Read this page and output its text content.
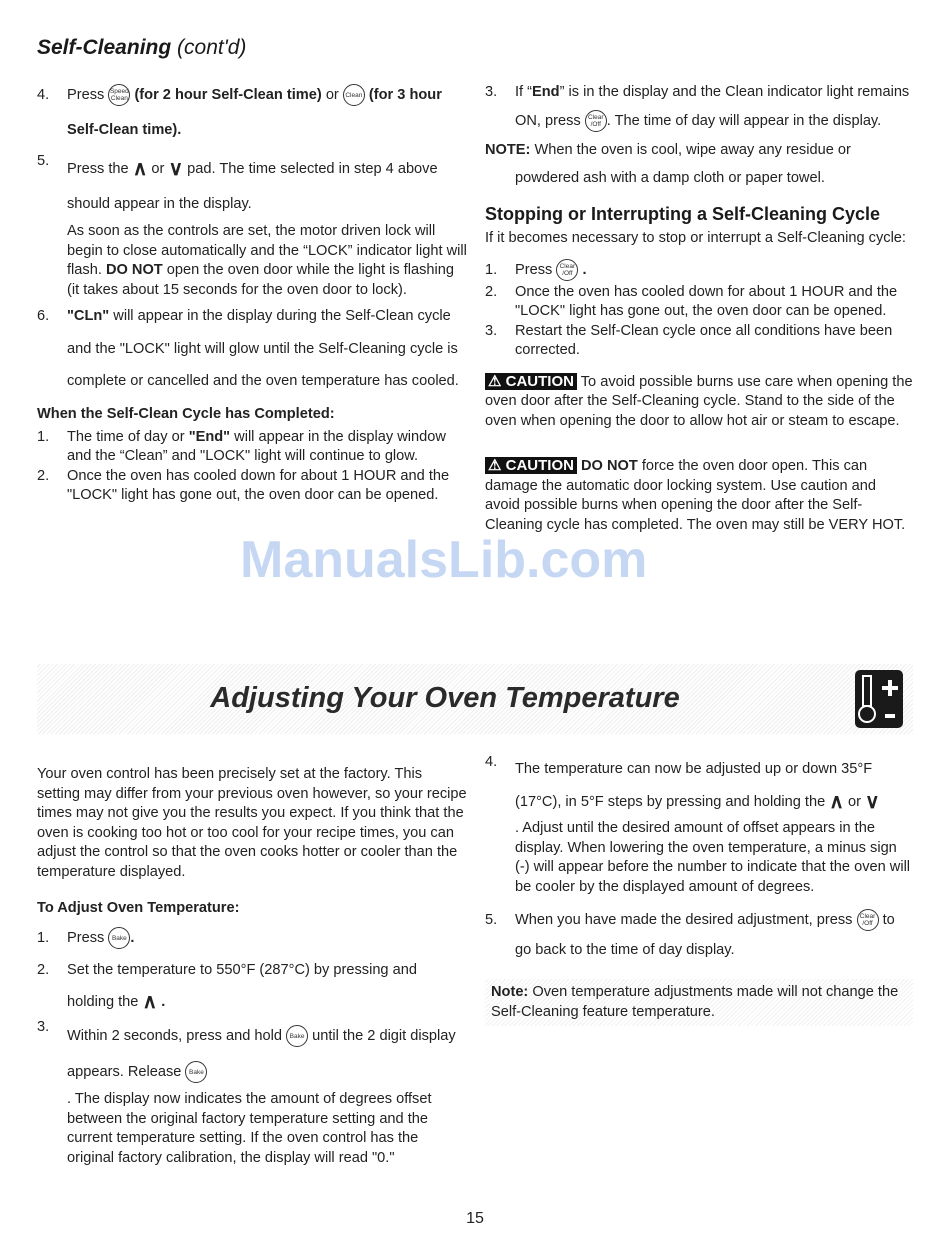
Self-Cleaning (cont'd)
4. Press Speed
Clean (for 2 hour Self-Clean time) or Clean (for 3 hour Self-Clean time).
5. Press the ∧ or ∨ pad. The time selected in step 4 above should appear in the display.
As soon as the controls are set, the motor driven lock will begin to close automatically and the “LOCK” indicator light will flash. DO NOT open the oven door while the light is flashing (it takes about 15 seconds for the oven door to lock).
6. "CLn" will appear in the display during the Self-Clean cycle and the "LOCK" light will glow until the Self-Cleaning cycle is complete or cancelled and the oven temperature has cooled.
When the Self-Clean Cycle has Completed:
1. The time of day or "End" will appear in the display window and the “Clean” and "LOCK" light will continue to glow.
2. Once the oven has cooled down for about 1 HOUR and the "LOCK" light has gone out, the oven door can be opened.
3. If “End” is in the display and the Clean indicator light remains ON, press Clear
/Off . The time of day will appear in the display.

NOTE: When the oven is cool, wipe away any residue or powdered ash with a damp cloth or paper towel.

Stopping or Interrupting a Self-Cleaning Cycle

If it becomes necessary to stop or interrupt a Self-Cleaning cycle:

1. Press Clear
/Off .
2. Once the oven has cooled down for about 1 HOUR and the "LOCK" light has gone out, the oven door can be opened.
3. Restart the Self-Clean cycle once all conditions have been corrected.

⚠ CAUTION To avoid possible burns use care when opening the oven door after the Self-Cleaning cycle. Stand to the side of the oven when opening the door to allow hot air or steam to escape.

⚠ CAUTION DO NOT force the oven door open. This can damage the automatic door locking system. Use caution and avoid possible burns when opening the door after the Self-Cleaning cycle has completed. The oven may still be VERY HOT.

ManualsLib.com
Adjusting Your Oven Temperature

Your oven control has been precisely set at the factory. This setting may differ from your previous oven however, so your recipe times may not give you the results you expect. If you think that the oven is cooking too hot or too cool for your recipe times, you can adjust the control so that the oven cooks hotter or cooler than the temperature displayed.

To Adjust Oven Temperature:
1. Press Bake .
2. Set the temperature to 550°F (287°C) by pressing and holding the ∧ .
3.
Within 2 seconds, press and hold Bake until the 2 digit display appears. Release Bake
. The display now indicates the amount of degrees offset between the original factory temperature setting and the current temperature setting. If the oven control has the original factory calibration, the display will read "0."
4. The temperature can now be adjusted up or down 35°F (17°C), in 5°F steps by pressing and holding the ∧ or ∨
. Adjust until the desired amount of offset appears in the display. When lowering the oven temperature, a minus sign (-) will appear before the number to indicate that the oven will be cooler by the displayed amount of degrees.
5. When you have made the desired adjustment, press Clear
/Off to go back to the time of day display.

Note: Oven temperature adjustments made will not change the Self-Cleaning feature temperature.

15
